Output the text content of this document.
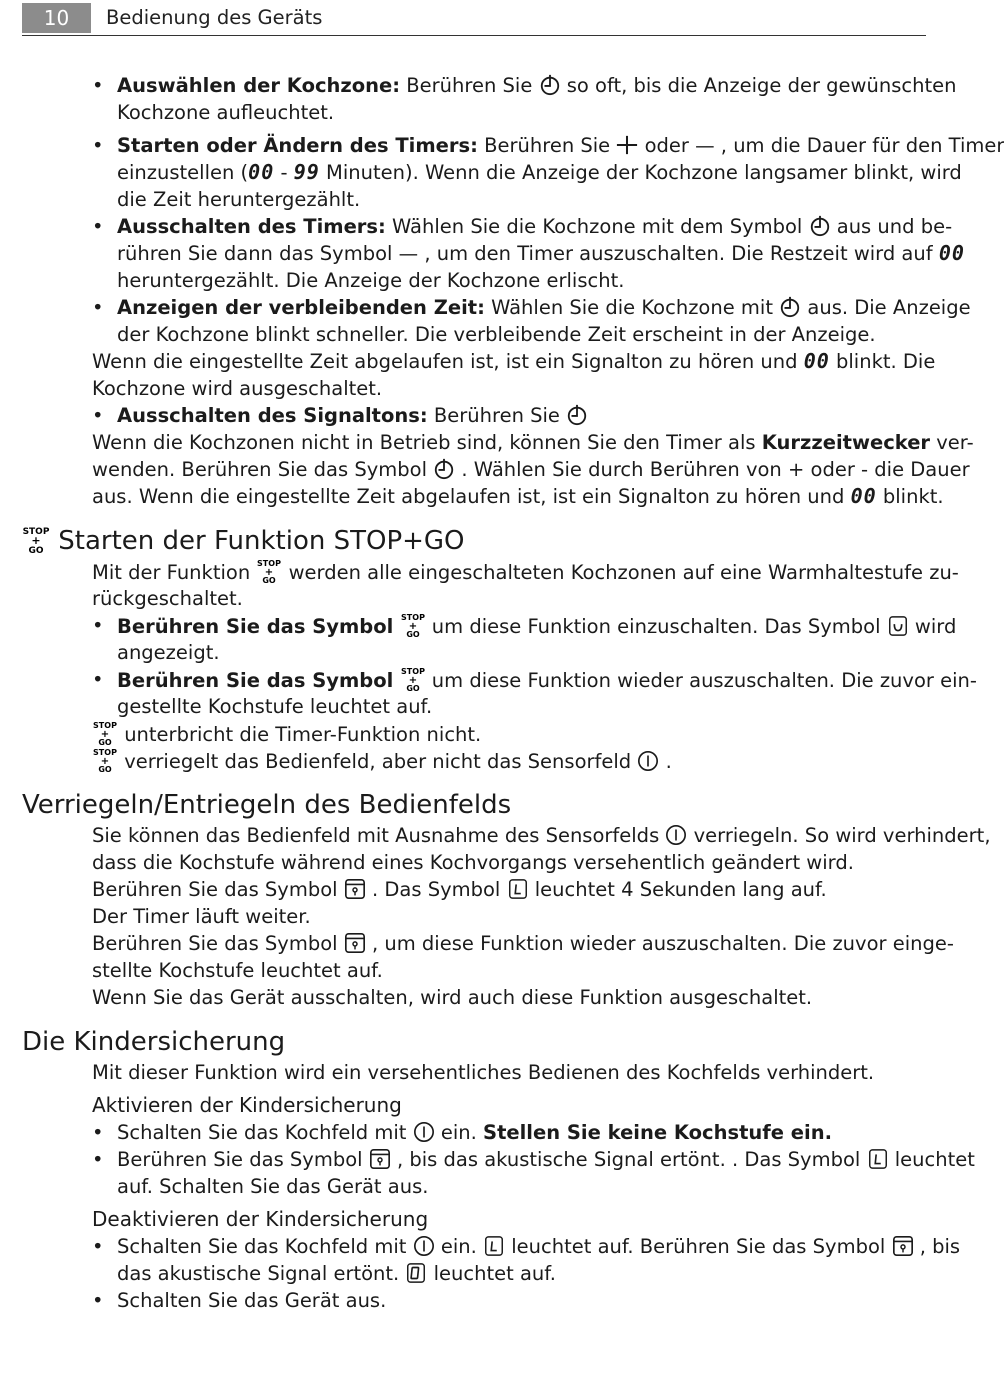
10	Bedienung des Geräts
• Auswählen der Kochzone: Berühren Sie  so oft, bis die Anzeige der gewünschten
Kochzone aufleuchtet.
• Starten oder Ändern des Timers: Berühren Sie  oder — , um die Dauer für den Timer
einzustellen (00 - 99 Minuten). Wenn die Anzeige der Kochzone langsamer blinkt, wird
die Zeit heruntergezählt.
• Ausschalten des Timers: Wählen Sie die Kochzone mit dem Symbol  aus und be-
rühren Sie dann das Symbol — , um den Timer auszuschalten. Die Restzeit wird auf 00
heruntergezählt. Die Anzeige der Kochzone erlischt.
• Anzeigen der verbleibenden Zeit: Wählen Sie die Kochzone mit  aus. Die Anzeige
der Kochzone blinkt schneller. Die verbleibende Zeit erscheint in der Anzeige.
Wenn die eingestellte Zeit abgelaufen ist, ist ein Signalton zu hören und 00 blinkt. Die
Kochzone wird ausgeschaltet.
• Ausschalten des Signaltons: Berühren Sie
Wenn die Kochzonen nicht in Betrieb sind, können Sie den Timer als Kurzzeitwecker ver-
wenden. Berühren Sie das Symbol  . Wählen Sie durch Berühren von + oder - die Dauer
aus. Wenn die eingestellte Zeit abgelaufen ist, ist ein Signalton zu hören und 00 blinkt.
STOP
+
GO Starten der Funktion STOP+GO
Mit der Funktion STOP
+
GO werden alle eingeschalteten Kochzonen auf eine Warmhaltestufe zu-
rückgeschaltet.
• Berühren Sie das Symbol STOP
+
GO um diese Funktion einzuschalten. Das Symbol  wird
angezeigt.
• Berühren Sie das Symbol STOP
+
GO um diese Funktion wieder auszuschalten. Die zuvor ein-
gestellte Kochstufe leuchtet auf.
STOP
+
GO unterbricht die Timer-Funktion nicht.
STOP
+
GO verriegelt das Bedienfeld, aber nicht das Sensorfeld  .
Verriegeln/Entriegeln des Bedienfelds
Sie können das Bedienfeld mit Ausnahme des Sensorfelds  verriegeln. So wird verhindert,
dass die Kochstufe während eines Kochvorgangs versehentlich geändert wird.
Berühren Sie das Symbol  . Das Symbol  leuchtet 4 Sekunden lang auf.
Der Timer läuft weiter.
Berühren Sie das Symbol  , um diese Funktion wieder auszuschalten. Die zuvor einge-
stellte Kochstufe leuchtet auf.
Wenn Sie das Gerät ausschalten, wird auch diese Funktion ausgeschaltet.
Die Kindersicherung
Mit dieser Funktion wird ein versehentliches Bedienen des Kochfelds verhindert.
Aktivieren der Kindersicherung
• Schalten Sie das Kochfeld mit  ein. Stellen Sie keine Kochstufe ein.
• Berühren Sie das Symbol  , bis das akustische Signal ertönt. . Das Symbol  leuchtet
auf. Schalten Sie das Gerät aus.
Deaktivieren der Kindersicherung
• Schalten Sie das Kochfeld mit  ein.  leuchtet auf. Berühren Sie das Symbol  , bis
das akustische Signal ertönt.  leuchtet auf.
• Schalten Sie das Gerät aus.
